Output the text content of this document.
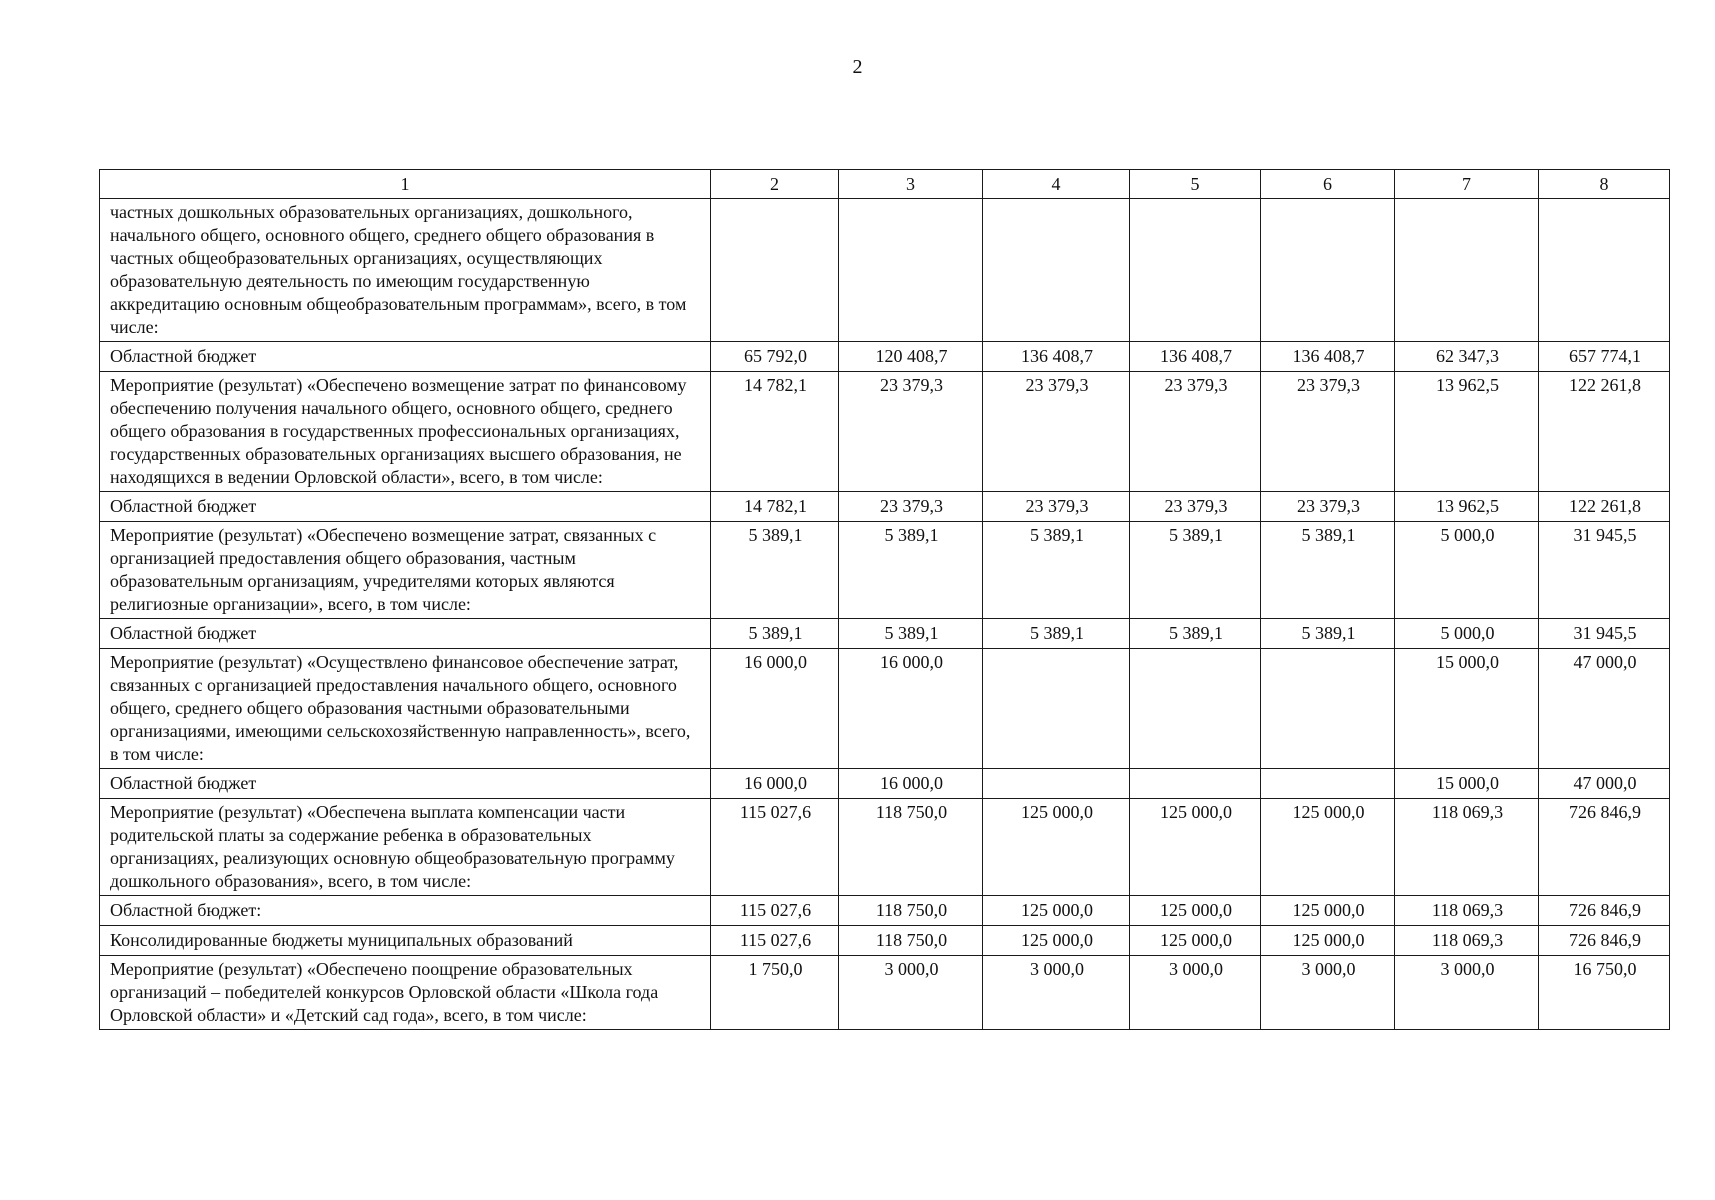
2
1	2	3	4	5	6	7	8
частных дошкольных образовательных организациях, дошкольного, начального общего, основного общего, среднего общего образования в частных общеобразовательных организациях, осуществляющих образовательную деятельность по имеющим государственную аккредитацию основным общеобразовательным программам», всего, в том числе:							
Областной бюджет	65 792,0	120 408,7	136 408,7	136 408,7	136 408,7	62 347,3	657 774,1
Мероприятие (результат) «Обеспечено возмещение затрат по финансовому обеспечению получения начального общего, основного общего, среднего общего образования в государственных профессиональных организациях, государственных образовательных организациях высшего образования, не находящихся в ведении Орловской области», всего, в том числе:	14 782,1	23 379,3	23 379,3	23 379,3	23 379,3	13 962,5	122 261,8
Областной бюджет	14 782,1	23 379,3	23 379,3	23 379,3	23 379,3	13 962,5	122 261,8
Мероприятие (результат) «Обеспечено возмещение затрат, связанных с организацией предоставления общего образования, частным образовательным организациям, учредителями которых являются религиозные организации», всего, в том числе:	5 389,1	5 389,1	5 389,1	5 389,1	5 389,1	5 000,0	31 945,5
Областной бюджет	5 389,1	5 389,1	5 389,1	5 389,1	5 389,1	5 000,0	31 945,5
Мероприятие (результат) «Осуществлено финансовое обеспечение затрат, связанных с организацией предоставления начального общего, основного общего, среднего общего образования частными образовательными организациями, имеющими сельскохозяйственную направленность», всего, в том числе:	16 000,0	16 000,0				15 000,0	47 000,0
Областной бюджет	16 000,0	16 000,0				15 000,0	47 000,0
Мероприятие (результат) «Обеспечена выплата компенсации части родительской платы за содержание ребенка в образовательных организациях, реализующих основную общеобразовательную программу дошкольного образования», всего, в том числе:	115 027,6	118 750,0	125 000,0	125 000,0	125 000,0	118 069,3	726 846,9
Областной бюджет:	115 027,6	118 750,0	125 000,0	125 000,0	125 000,0	118 069,3	726 846,9
Консолидированные бюджеты муниципальных образований	115 027,6	118 750,0	125 000,0	125 000,0	125 000,0	118 069,3	726 846,9
Мероприятие (результат) «Обеспечено поощрение образовательных организаций – победителей конкурсов Орловской области «Школа года Орловской области» и «Детский сад года», всего, в том числе:	1 750,0	3 000,0	3 000,0	3 000,0	3 000,0	3 000,0	16 750,0
